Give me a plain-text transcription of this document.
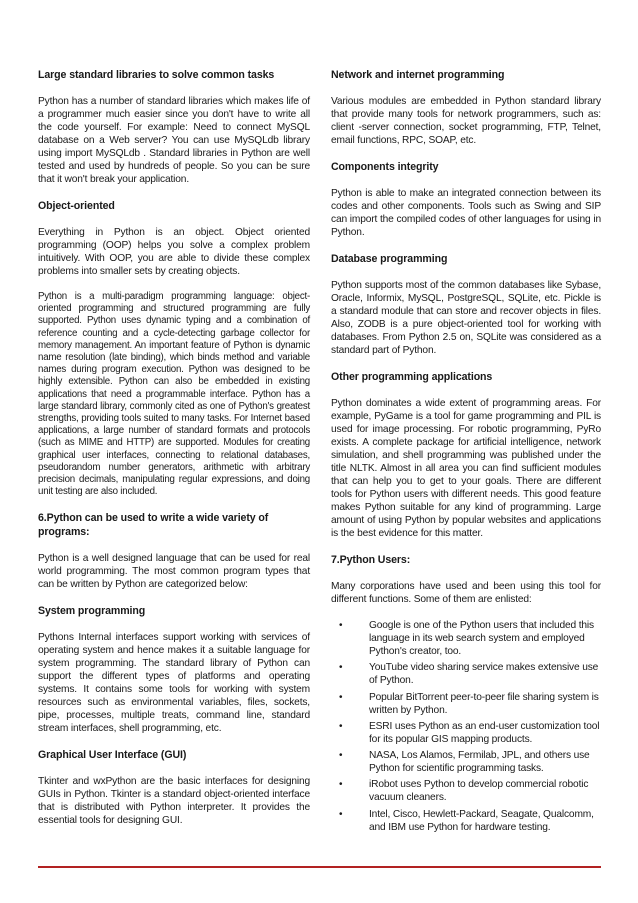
Large standard libraries to solve common tasks

Python has a number of standard libraries which makes life of a programmer much easier since you don't have to write all the code yourself. For example: Need to connect MySQL database on a Web server? You can use MySQLdb library using import MySQLdb . Standard libraries in Python are well tested and used by hundreds of people. So you can be sure that it won't break your application.

Object-oriented

Everything in Python is an object. Object oriented programming (OOP) helps you solve a complex problem intuitively. With OOP, you are able to divide these complex problems into smaller sets by creating objects.

Python is a multi-paradigm programming language: object-oriented programming and structured programming are fully supported. Python uses dynamic typing and a combination of reference counting and a cycle-detecting garbage collector for memory management. An important feature of Python is dynamic name resolution (late binding), which binds method and variable names during program execution. Python was designed to be highly extensible. Python can also be embedded in existing applications that need a programmable interface. Python has a large standard library, commonly cited as one of Python's greatest strengths, providing tools suited to many tasks. For Internet based applications, a large number of standard formats and protocols (such as MIME and HTTP) are supported. Modules for creating graphical user interfaces, connecting to relational databases, pseudorandom number generators, arithmetic with arbitrary precision decimals, manipulating regular expressions, and doing unit testing are also included.

6.Python can be used to write a wide variety of programs:

Python is a well designed language that can be used for real world programming. The most common program types that can be written by Python are categorized below:

System programming

Pythons Internal interfaces support working with services of operating system and hence makes it a suitable language for system programming. The standard library of Python can support the different types of platforms and operating systems. It contains some tools for working with system resources such as environmental variables, files, sockets, pipe, processes, multiple treats, command line, standard stream interfaces, shell programming, etc.

Graphical User Interface (GUI)

Tkinter and wxPython are the basic interfaces for designing GUIs in Python. Tkinter is a standard object-oriented interface that is distributed with Python interpreter. It provides the essential tools for designing GUI.

Network and internet programming

Various modules are embedded in Python standard library that provide many tools for network programmers, such as: client -server connection, socket programming, FTP, Telnet, email functions, RPC, SOAP, etc.

Components integrity

Python is able to make an integrated connection between its codes and other components. Tools such as Swing and SIP can import the compiled codes of other languages for using in Python.

Database programming

Python supports most of the common databases like Sybase, Oracle, Informix, MySQL, PostgreSQL, SQLite, etc. Pickle is a standard module that can store and recover objects in files. Also, ZODB is a pure object-oriented tool for working with databases. From Python 2.5 on, SQLite was considered as a standard part of Python.

Other programming applications

Python dominates a wide extent of programming areas. For example, PyGame is a tool for game programming and PIL is used for image processing. For robotic programming, PyRo exists. A complete package for artificial intelligence, network simulation, and shell programming was published under the title NLTK. Almost in all area you can find sufficient modules that can help you to get to your goals. There are different tools for Python users with different needs. This good feature makes Python suitable for any kind of programming. Large amount of using Python by popular websites and applications is the best evidence for this matter.

7.Python Users:

Many corporations have used and been using this tool for different functions. Some of them are enlisted:

•	Google is one of the Python users that included this language in its web search system and employed Python's creator, too.
•	YouTube video sharing service makes extensive use of Python.
•	Popular BitTorrent peer-to-peer file sharing system is written by Python.
•	ESRI uses Python as an end-user customization tool for its popular GIS mapping products.
•	NASA, Los Alamos, Fermilab, JPL, and others use Python for scientific programming tasks.
•	iRobot uses Python to develop commercial robotic vacuum cleaners.
•	Intel, Cisco, Hewlett-Packard, Seagate, Qualcomm, and IBM use Python for hardware testing.
